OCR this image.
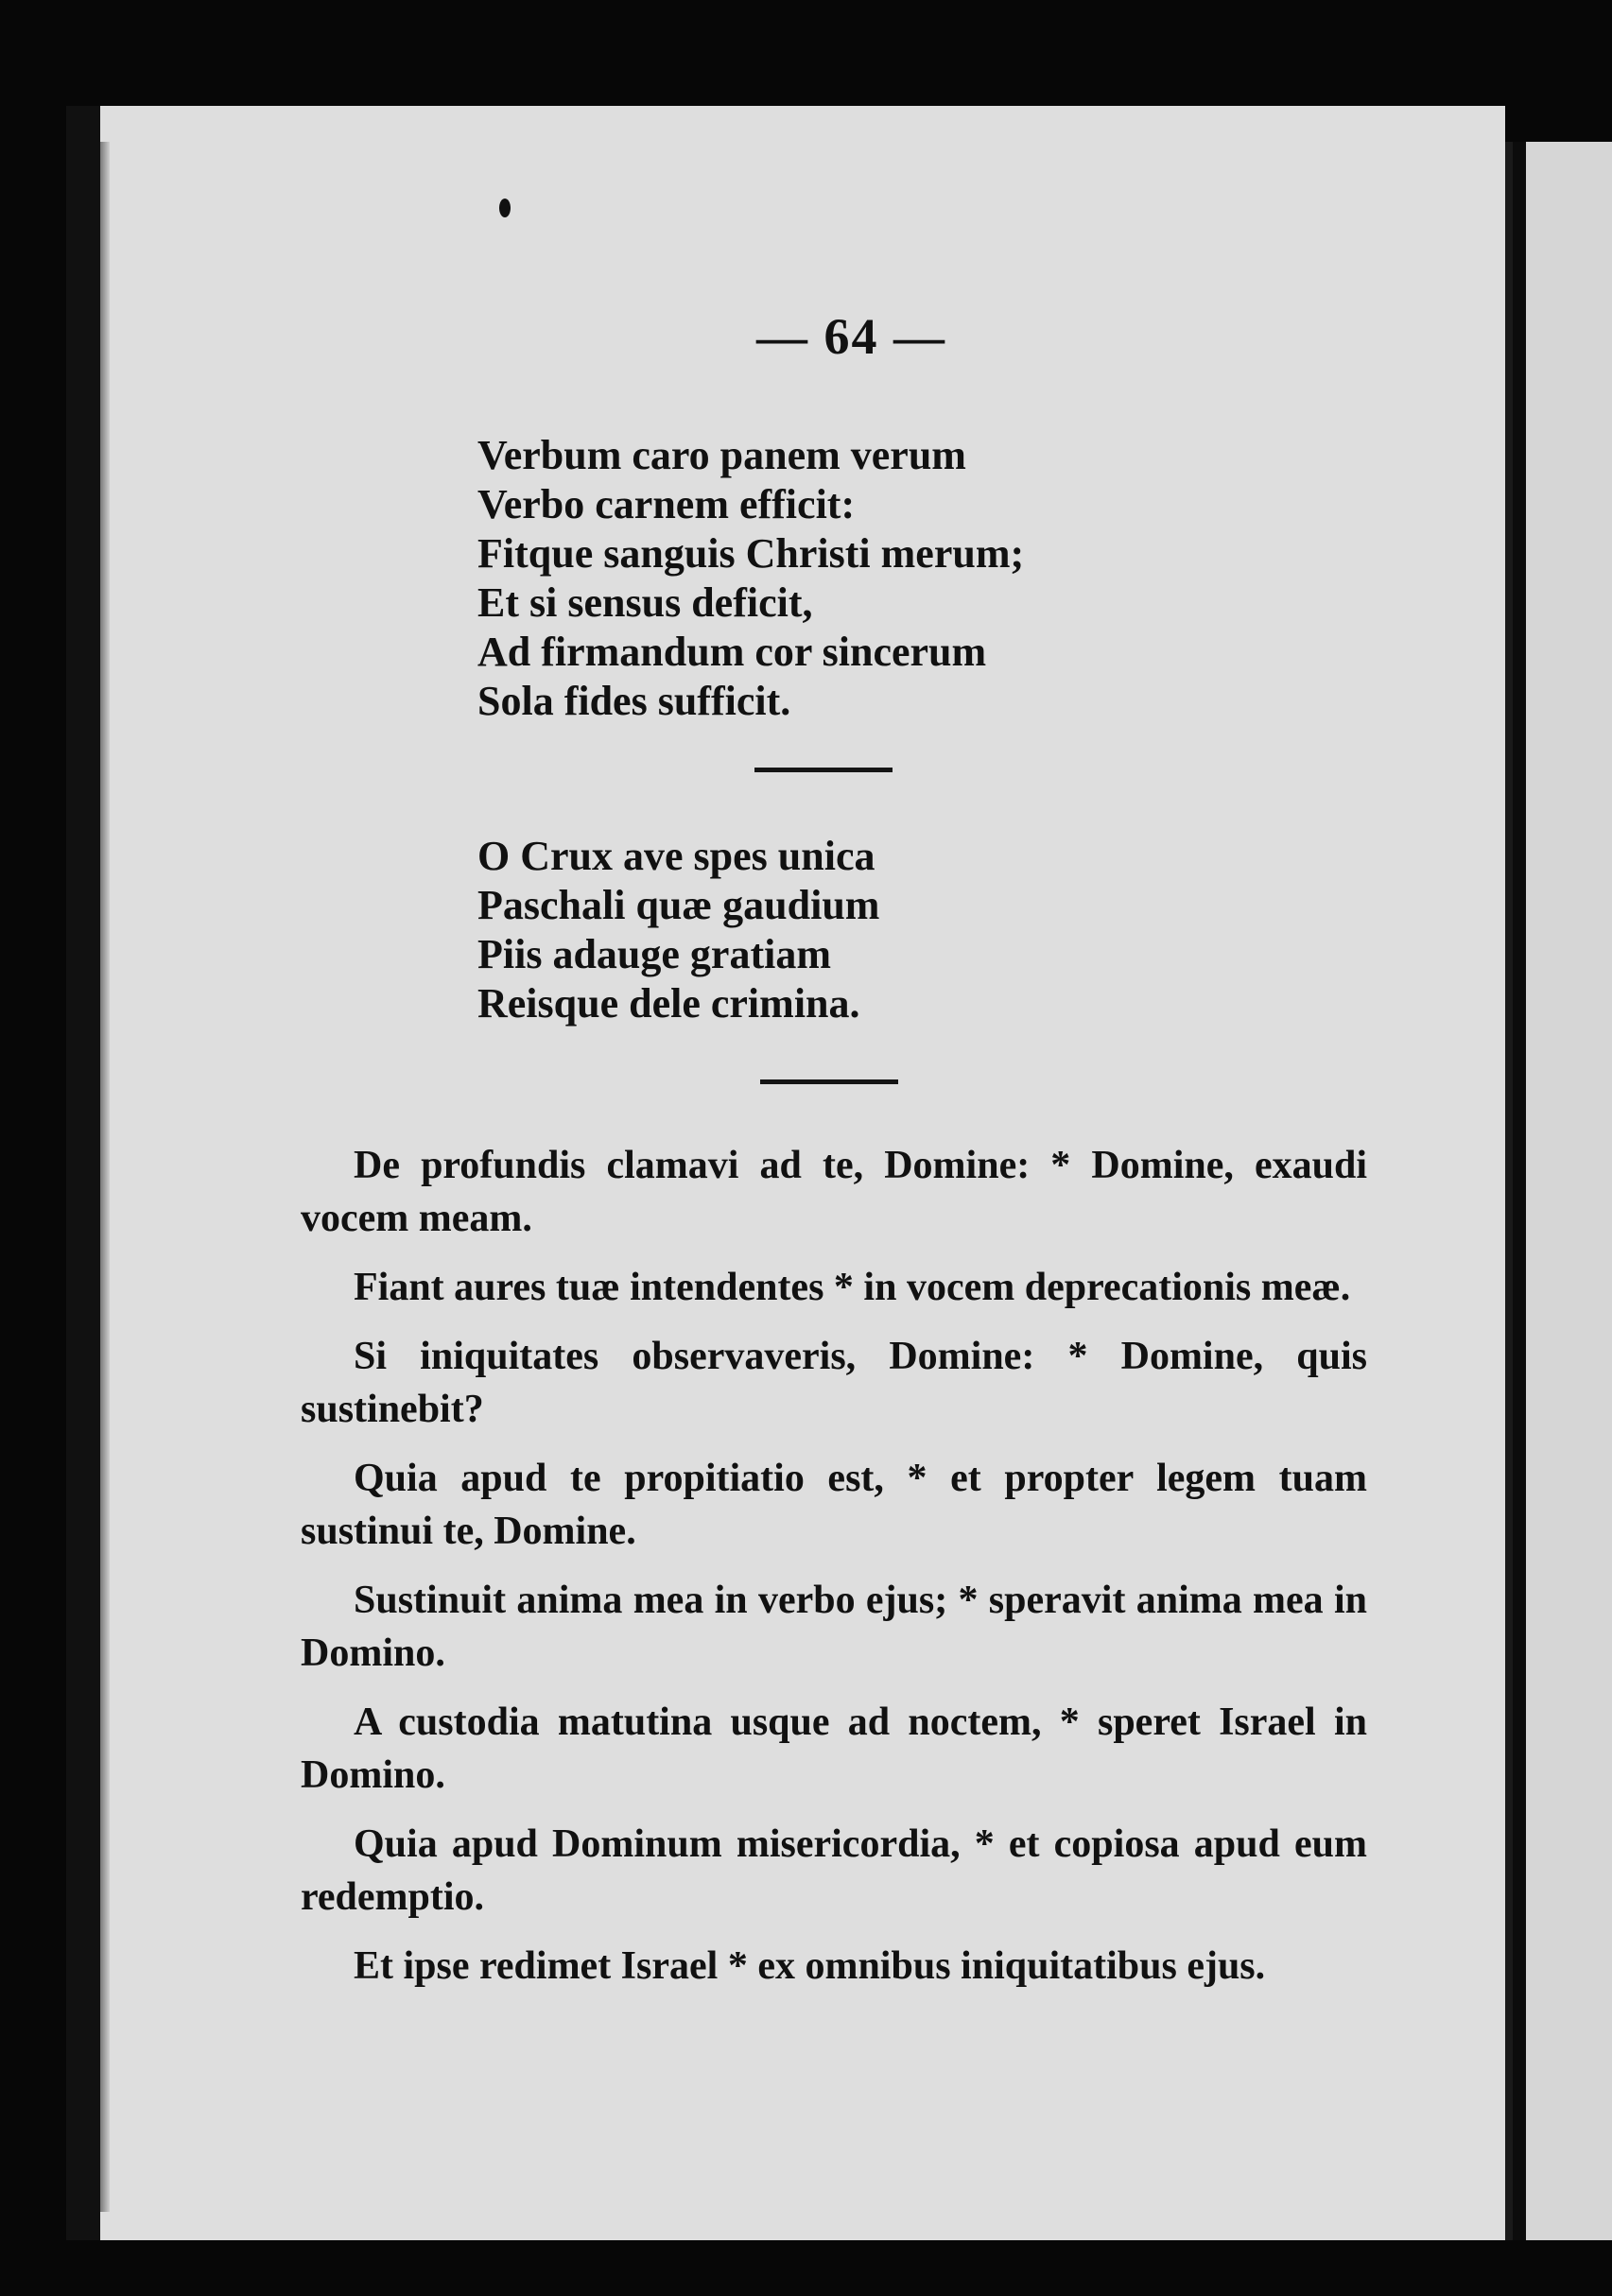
— 64 —
Verbum caro panem verum
Verbo carnem efficit:
Fitque sanguis Christi merum;
Et si sensus deficit,
Ad firmandum cor sincerum
Sola fides sufficit.
O Crux ave spes unica
Paschali quæ gaudium
Piis adauge gratiam
Reisque dele crimina.

De profundis clamavi ad te, Domine: * Domine, exaudi vocem meam.

Fiant aures tuæ intendentes * in vocem deprecationis meæ.

Si iniquitates observaveris, Domine: * Domine, quis sustinebit?

Quia apud te propitiatio est, * et propter legem tuam sustinui te, Domine.

Sustinuit anima mea in verbo ejus; * speravit anima mea in Domino.

A custodia matutina usque ad noctem, * speret Israel in Domino.

Quia apud Dominum misericordia, * et copiosa apud eum redemptio.

Et ipse redimet Israel * ex omnibus iniquitatibus ejus.
